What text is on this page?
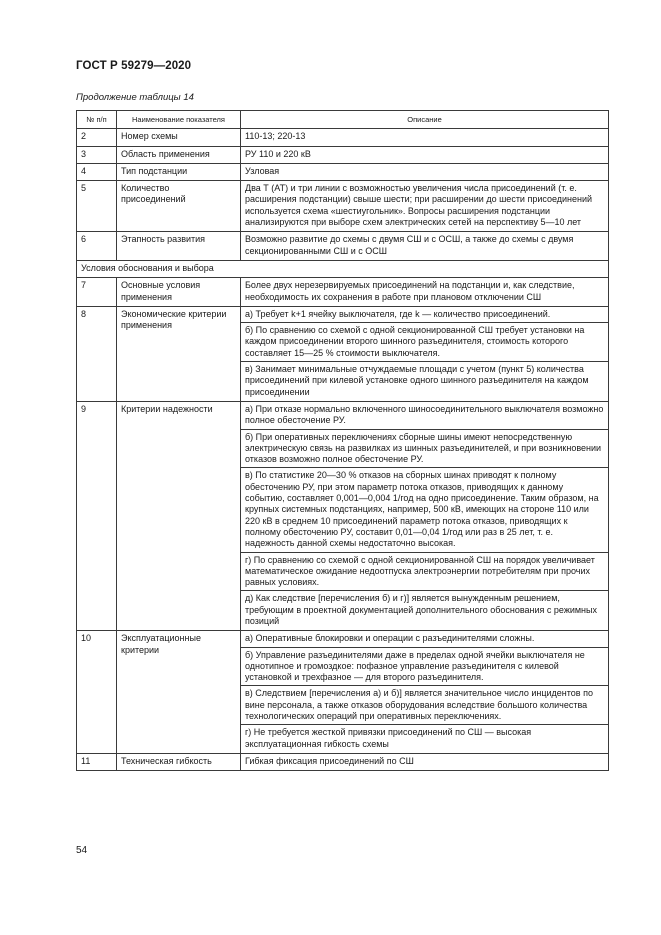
ГОСТ Р 59279—2020
Продолжение таблицы 14
№ п/п	Наименование показателя	Описание
2	Номер схемы	110-13; 220-13

3	Область применения	РУ 110 и 220 кВ

4	Тип подстанции	Узловая

5	Количество присоединений	Два Т (АТ) и три линии с возможностью увеличения числа присоединений (т. е. расширения подстанции) свыше шести; при расширении до шести присоединений используется схема «шестиугольник». Вопросы расширения подстанции анализируются при выборе схем электрических сетей на перспективу 5—10 лет

6	Этапность развития	Возможно развитие до схемы с двумя СШ и с ОСШ, а также до схемы с двумя секционированными СШ и с ОСШ

Условия обоснования и выбора		
7	Основные условия применения	Более двух нерезервируемых присоединений на подстанции и, как следствие, необходимость их сохранения в работе при плановом отключении СШ

8	Экономические критерии применения	а) Требует k+1 ячейку выключателя, где k — количество присоединений.

б) По сравнению со схемой с одной секционированной СШ требует установки на каждом присоединении второго шинного разъединителя, стоимость которого составляет 15—25 % стоимости выключателя.

в) Занимает минимальные отчуждаемые площади с учетом (пункт 5) количества присоединений при килевой установке одного шинного разъединителя на каждом присоединении

9	Критерии надежности	а) При отказе нормально включенного шиносоединительного выключателя возможно полное обесточение РУ.

б) При оперативных переключениях сборные шины имеют непосредственную электрическую связь на развилках из шинных разъединителей, и при возникновении отказов возможно полное обесточение РУ.

в) По статистике 20—30 % отказов на сборных шинах приводят к полному обесточению РУ, при этом параметр потока отказов, приводящих к данному событию, составляет 0,001—0,004 1/год на одно присоединение. Таким образом, на крупных системных подстанциях, например, 500 кВ, имеющих на стороне 110 или 220 кВ в среднем 10 присоединений параметр потока отказов, приводящих к полному обесточению РУ, составит 0,01—0,04 1/год или раз в 25 лет, т. е. надежность данной схемы недостаточно высокая.

г) По сравнению со схемой с одной секционированной СШ на порядок увеличивает математическое ожидание недоотпуска электроэнергии потребителям при прочих равных условиях.

д) Как следствие [перечисления б) и г)] является вынужденным решением, требующим в проектной документацией дополнительного обоснования с режимных позиций

10	Эксплуатационные критерии	а) Оперативные блокировки и операции с разъединителями сложны.

б) Управление разъединителями даже в пределах одной ячейки выключателя не однотипное и громоздкое: пофазное управление разъединителя с килевой установкой и трехфазное — для второго разъединителя.

в) Следствием [перечисления а) и б)] является значительное число инцидентов по вине персонала, а также отказов оборудования вследствие большого количества технологических операций при оперативных переключениях.

г) Не требуется жесткой привязки присоединений по СШ — высокая эксплуатационная гибкость схемы

11	Техническая гибкость	Гибкая фиксация присоединений по СШ

54
